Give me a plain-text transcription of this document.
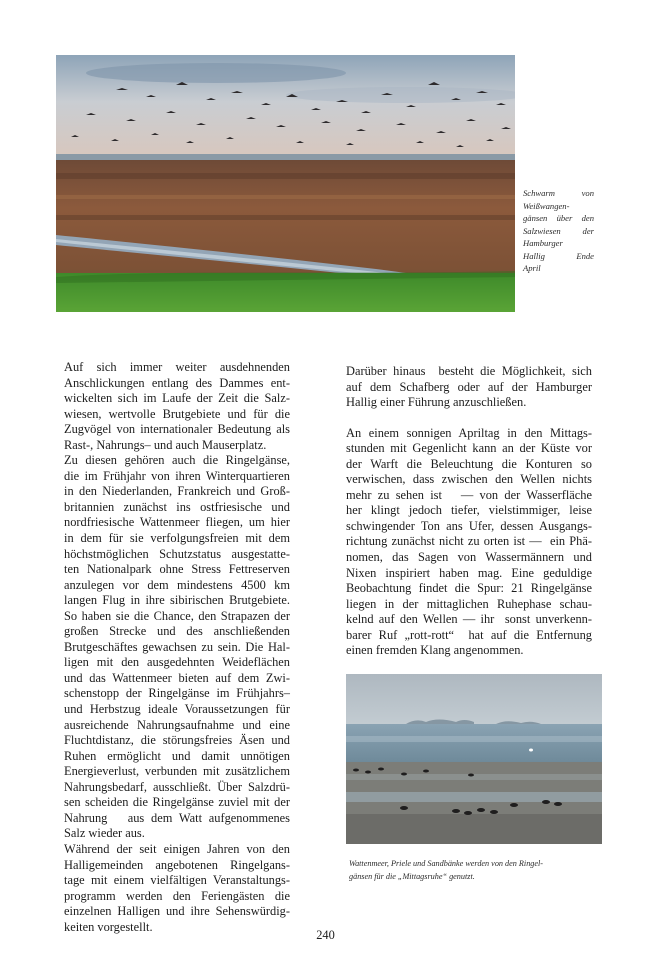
Schwarm von
Weißwangen-
gänsen über den
Salzwiesen der
Hamburger
Hallig Ende
April
Auf sich immer weiter ausdehnenden
Anschlickungen entlang des Dammes ent-
wickelten sich im Laufe der Zeit die Salz-
wiesen, wertvolle Brutgebiete und für die
Zugvögel von internationaler Bedeutung als
Rast-, Nahrungs– und auch Mauserplatz.
Zu diesen gehören auch die Ringelgänse,
die im Frühjahr von ihren Winterquartieren
in den Niederlanden, Frankreich und Groß-
britannien zunächst ins ostfriesische und
nordfriesische Wattenmeer fliegen, um hier
in dem für sie verfolgungsfreien mit dem
höchstmöglichen Schutzstatus ausgestatte-
ten Nationalpark ohne Stress Fettreserven
anzulegen vor dem mindestens 4500 km
langen Flug in ihre sibirischen Brutgebiete.
So haben sie die Chance, den Strapazen der
großen Strecke und des anschließenden
Brutgeschäftes gewachsen zu sein. Die Hal-
ligen mit den ausgedehnten Weideflächen
und das Wattenmeer bieten auf dem Zwi-
schenstopp der Ringelgänse im Frühjahrs–
und Herbstzug ideale Voraussetzungen für
ausreichende Nahrungsaufnahme und eine
Fluchtdistanz, die störungsfreies Äsen und
Ruhen ermöglicht und damit unnötigen
Energieverlust, verbunden mit zusätzlichem
Nahrungsbedarf, ausschließt. Über Salzdrü-
sen scheiden die Ringelgänse zuviel mit der
Nahrung   aus dem Watt aufgenommenes
Salz wieder aus.
Während der seit einigen Jahren von den
Halligemeinden angebotenen Ringelgans-
tage mit einem vielfältigen Veranstaltungs-
programm werden den Feriengästen die
einzelnen Halligen und ihre Sehenswürdig-
keiten vorgestellt.
Darüber hinaus  besteht die Möglichkeit, sich
auf dem Schafberg oder auf der Hamburger
Hallig einer Führung anzuschließen.
An einem sonnigen Apriltag in den Mittags-
stunden mit Gegenlicht kann an der Küste vor
der Warft die Beleuchtung die Konturen so
verwischen, dass zwischen den Wellen nichts
mehr zu sehen ist   — von der Wasserfläche
her klingt jedoch tiefer, vielstimmiger, leise
schwingender Ton ans Ufer, dessen Ausgangs-
richtung zunächst nicht zu orten ist —  ein Phä-
nomen, das Sagen von Wassermännern und
Nixen inspiriert haben mag. Eine geduldige
Beobachtung findet die Spur: 21 Ringelgänse
liegen in der mittaglichen Ruhephase schau-
kelnd auf den Wellen — ihr  sonst unverkenn-
barer Ruf „rott-rott“  hat auf die Entfernung
einen fremden Klang angenommen.
Wattenmeer, Priele und Sandbänke werden von den Ringel-
gänsen für die „Mittagsruhe“ genutzt.
240
